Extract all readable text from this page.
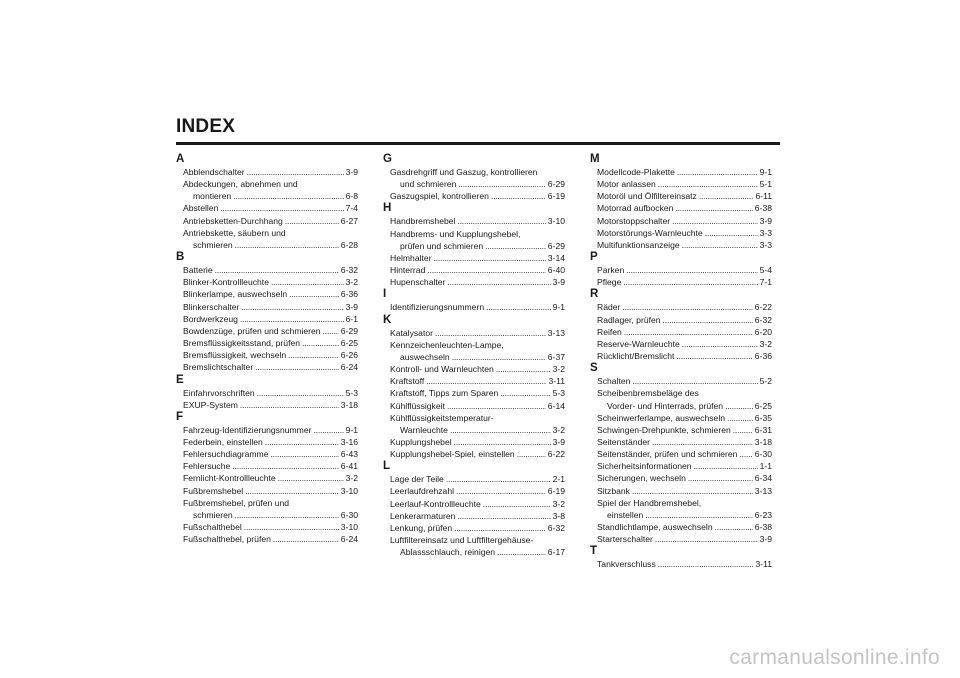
INDEX
A
Abblendschalter . . .	3-9
Abdeckungen, abnehmen und
montieren . . .	6-8
Abstellen . . .	7-4
Antriebsketten-Durchhang . . .	6-27
Antriebskette, säubern und
schmieren . . .	6-28
B
Batterie . . .	6-32
Blinker-Kontrollleuchte . . .	3-2
Blinkerlampe, auswechseln . . .	6-36
Blinkerschalter . . .	3-9
Bordwerkzeug . . .	6-1
Bowdenzüge, prüfen und schmieren . . . 6-29
Bremsflüssigkeitsstand, prüfen . . .	6-25
Bremsflüssigkeit, wechseln . . .	6-26
Bremslichtschalter . . .	6-24
E
Einfahrvorschriften . . .	5-3
EXUP-System . . .	3-18
F
Fahrzeug-Identifizierungsnummer . . .	9-1
Federbein, einstellen . . .	3-16
Fehlersuchdiagramme . . .	6-43
Fehlersuche . . .	6-41
Fernlicht-Kontrollleuchte . . .	3-2
Fußbremshebel . . .	3-10
Fußbremshebel, prüfen und
schmieren . . .	6-30
Fußschalthebel . . .	3-10
Fußschalthebel, prüfen . . .	6-24
G
Gasdrehgriff und Gaszug, kontrollieren
und schmieren . . .	6-29
Gaszugspiel, kontrollieren . . .	6-19
H
Handbremshebel . . .	3-10
Handbrems- und Kupplungshebel,
prüfen und schmieren . . .	6-29
Helmhalter . . .	3-14
Hinterrad . . .	6-40
Hupenschalter . . .	3-9
I
Identifizierungsnummern . . .	9-1
K
Katalysator . . .	3-13
Kennzeichenleuchten-Lampe,
auswechseln . . .	6-37
Kontroll- und Warnleuchten . . .	3-2
Kraftstoff . . .	3-11
Kraftstoff, Tipps zum Sparen . . .	5-3
Kühlflüssigkeit . . .	6-14
Kühlflüssigkeitstemperatur-
Warnleuchte . . .	3-2
Kupplungshebel . . .	3-9
Kupplungshebel-Spiel, einstellen . . .	6-22
L
Lage der Teile . . .	2-1
Leerlaufdrehzahl . . .	6-19
Leerlauf-Kontrollleuchte . . .	3-2
Lenkerarmaturen . . .	3-8
Lenkung, prüfen . . .	6-32
Luftfiltereinsatz und Luftfiltergehäuse-
Ablassschlauch, reinigen . . .	6-17
M
Modellcode-Plakette . . .	9-1
Motor anlassen . . .	5-1
Motoröl und Ölfiltereinsatz . . .	6-11
Motorrad aufbocken . . .	6-38
Motorstoppschalter . . .	3-9
Motorstörungs-Warnleuchte . . .	3-3
Multifunktionsanzeige . . .	3-3
P
Parken . . .	5-4
Pflege . . .	7-1
R
Räder . . .	6-22
Radlager, prüfen . . .	6-32
Reifen . . .	6-20
Reserve-Warnleuchte . . .	3-2
Rücklicht/Bremslicht . . .	6-36
S
Schalten . . .	5-2
Scheibenbremsbeläge des
Vorder- und Hinterrads, prüfen . . .	6-25
Scheinwerferlampe, auswechseln . . .	6-35
Schwingen-Drehpunkte, schmieren . . .	6-31
Seitenständer . . .	3-18
Seitenständer, prüfen und schmieren . . . 6-30
Sicherheitsinformationen . . .	1-1
Sicherungen, wechseln . . .	6-34
Sitzbank . . .	3-13
Spiel der Handbremshebel,
einstellen . . .	6-23
Standlichtlampe, auswechseln . . .	6-38
Starterschalter . . .	3-9
T
Tankverschluss . . .	3-11
carmanualsonline.info
